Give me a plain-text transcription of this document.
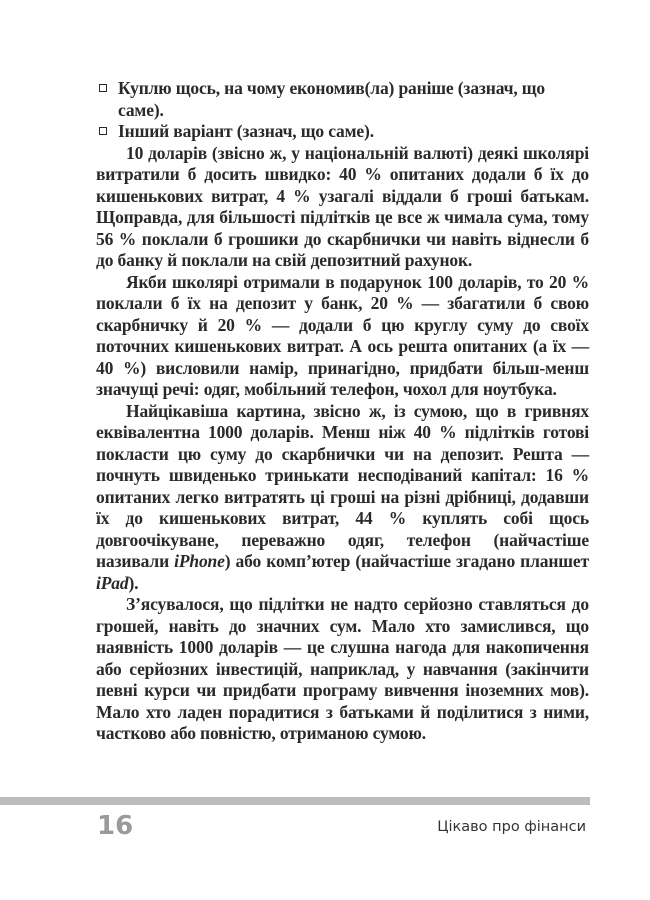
Куплю щось, на чому економив(ла) раніше (зазнач, що саме).
Інший варіант (зазнач, що саме).

10 доларів (звісно ж, у національній валюті) деякі школярі витратили б досить швидко: 40 % опитаних додали б їх до кишенькових витрат, 4 % узагалі віддали б гроші батькам. Щоправда, для більшості підлітків це все ж чимала сума, тому 56 % поклали б грошики до скарбнички чи навіть віднесли б до банку й поклали на свій депозитний рахунок.

Якби школярі отримали в подарунок 100 доларів, то 20 % поклали б їх на депозит у банк, 20 % — збагатили б свою скарбничку й 20 % — додали б цю круглу суму до своїх поточних кишенькових витрат. А ось решта опитаних (а їх — 40 %) висловили намір, принагідно, придбати більш-менш значущі речі: одяг, мобільний телефон, чохол для ноутбука.

Найцікавіша картина, звісно ж, із сумою, що в гривнях еквівалентна 1000 доларів. Менш ніж 40 % підлітків готові покласти цю суму до скарбнички чи на депозит. Решта — почнуть швиденько тринькати несподіваний капітал: 16 % опитаних легко витратять ці гроші на різні дрібниці, додавши їх до кишенькових витрат, 44 % куплять собі щось довгоочікуване, переважно одяг, телефон (найчастіше називали iPhone) або комп’ютер (найчастіше згадано планшет iPad).

З’ясувалося, що підлітки не надто серйозно ставляться до грошей, навіть до значних сум. Мало хто замислився, що наявність 1000 доларів — це слушна нагода для накопичення або серйозних інвестицій, наприклад, у навчання (закінчити певні курси чи придбати програму вивчення іноземних мов). Мало хто ладен порадитися з батьками й поділитися з ними, частково або повністю, отриманою сумою.

16	Цікаво про фінанси
